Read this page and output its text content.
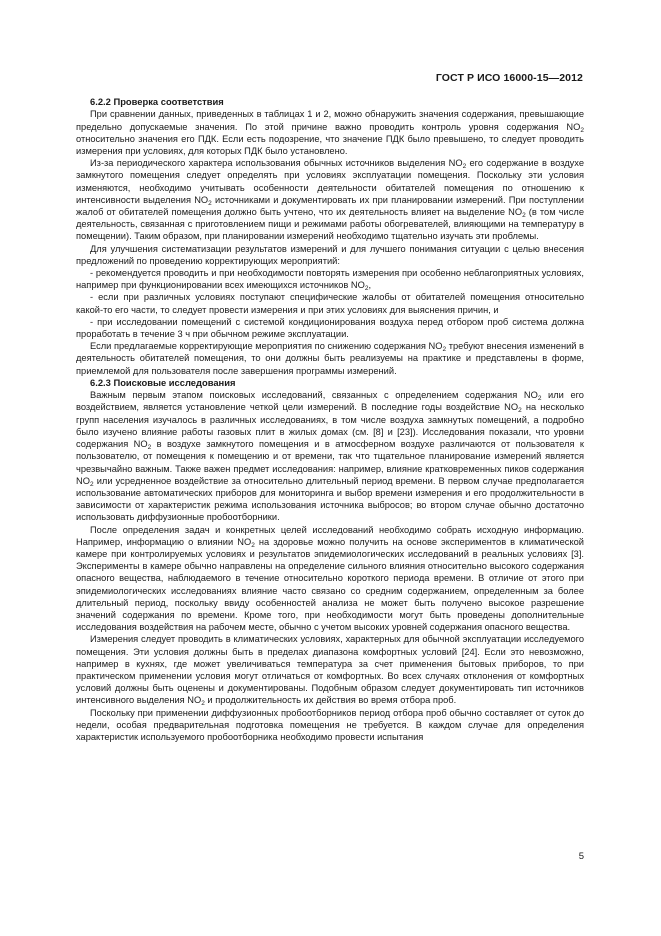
ГОСТ Р ИСО 16000-15—2012
6.2.2 Проверка соответствия

При сравнении данных, приведенных в таблицах 1 и 2, можно обнаружить значения содержания, превышающие предельно допускаемые значения. По этой причине важно проводить контроль уровня содержания $NO_2$ относительно значения его ПДК. Если есть подозрение, что значение ПДК было превышено, то следует проводить измерения при условиях, для которых ПДК было установлено.

Из-за периодического характера использования обычных источников выделения $NO_2$ его содержание в воздухе замкнутого помещения следует определять при условиях эксплуатации помещения. Поскольку эти условия изменяются, необходимо учитывать особенности деятельности обитателей помещения по отношению к интенсивности выделения $NO_2$ источниками и документировать их при планировании измерений. При поступлении жалоб от обитателей помещения должно быть учтено, что их деятельность влияет на выделение $NO_2$ (в том числе деятельность, связанная с приготовлением пищи и режимами работы обогревателей, влияющими на температуру в помещении). Таким образом, при планировании измерений необходимо тщательно изучать эти проблемы.

Для улучшения систематизации результатов измерений и для лучшего понимания ситуации с целью внесения предложений по проведению корректирующих мероприятий:

- рекомендуется проводить и при необходимости повторять измерения при особенно неблагоприятных условиях, например при функционировании всех имеющихся источников $NO_2$,

- если при различных условиях поступают специфические жалобы от обитателей помещения относительно какой-то его части, то следует провести измерения и при этих условиях для выяснения причин, и

- при исследовании помещений с системой кондиционирования воздуха перед отбором проб система должна проработать в течение 3 ч при обычном режиме эксплуатации.

Если предлагаемые корректирующие мероприятия по снижению содержания $NO_2$ требуют внесения изменений в деятельность обитателей помещения, то они должны быть реализуемы на практике и представлены в форме, приемлемой для пользователя после завершения программы измерений.

6.2.3 Поисковые исследования

Важным первым этапом поисковых исследований, связанных с определением содержания $NO_2$ или его воздействием, является установление четкой цели измерений. В последние годы воздействие $NO_2$ на несколько групп населения изучалось в различных исследованиях, в том числе воздуха замкнутых помещений, а подробно было изучено влияние работы газовых плит в жилых домах (см. [8] и [23]). Исследования показали, что уровни содержания $NO_2$ в воздухе замкнутого помещения и в атмосферном воздухе различаются от пользователя к пользователю, от помещения к помещению и от времени, так что тщательное планирование измерений является чрезвычайно важным. Также важен предмет исследования: например, влияние кратковременных пиков содержания $NO_2$ или усредненное воздействие за относительно длительный период времени. В первом случае предполагается использование автоматических приборов для мониторинга и выбор времени измерения и его продолжительности в зависимости от характеристик режима использования источника выбросов; во втором случае обычно достаточно использовать диффузионные пробоотборники.

После определения задач и конкретных целей исследований необходимо собрать исходную информацию. Например, информацию о влиянии $NO_2$ на здоровье можно получить на основе экспериментов в климатической камере при контролируемых условиях и результатов эпидемиологических исследований в реальных условиях [3]. Эксперименты в камере обычно направлены на определение сильного влияния относительно высокого содержания опасного вещества, наблюдаемого в течение относительно короткого периода времени. В отличие от этого при эпидемиологических исследованиях влияние часто связано со средним содержанием, определенным за более длительный период, поскольку ввиду особенностей анализа не может быть получено высокое разрешение значений содержания по времени. Кроме того, при необходимости могут быть проведены дополнительные исследования воздействия на рабочем месте, обычно с учетом высоких уровней содержания опасного вещества.

Измерения следует проводить в климатических условиях, характерных для обычной эксплуатации исследуемого помещения. Эти условия должны быть в пределах диапазона комфортных условий [24]. Если это невозможно, например в кухнях, где может увеличиваться температура за счет применения бытовых приборов, то при практическом применении условия могут отличаться от комфортных. Во всех случаях отклонения от комфортных условий должны быть оценены и документированы. Подобным образом следует документировать тип источников интенсивного выделения $NO_2$ и продолжительность их действия во время отбора проб.

Поскольку при применении диффузионных пробоотборников период отбора проб обычно составляет от суток до недели, особая предварительная подготовка помещения не требуется. В каждом случае для определения характеристик используемого пробоотборника необходимо провести испытания

5
